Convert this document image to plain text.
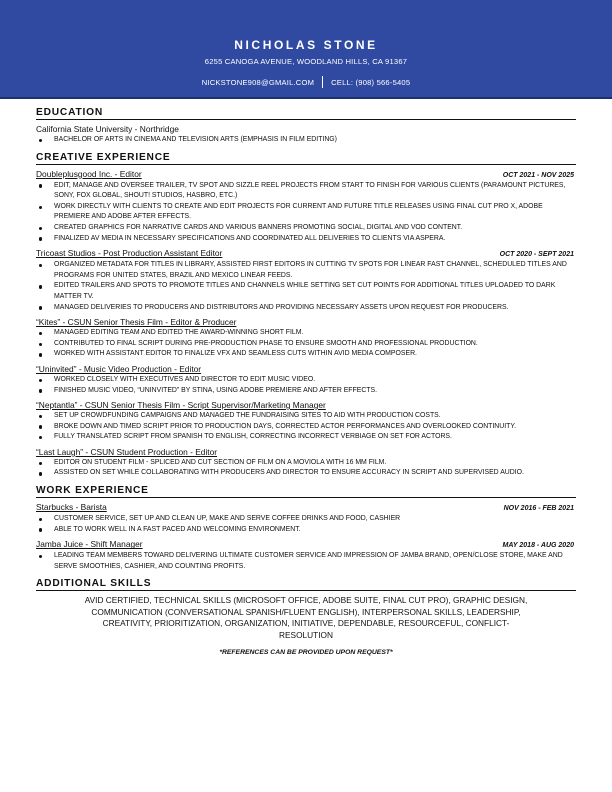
NICHOLAS STONE
6255 CANOGA AVENUE, WOODLAND HILLS, CA 91367
NICKSTONE908@GMAIL.COM CELL: (908) 566-5405
EDUCATION
California State University - Northridge
BACHELOR OF ARTS IN CINEMA AND TELEVISION ARTS (EMPHASIS IN FILM EDITING)
CREATIVE EXPERIENCE
Doubleplusgood Inc. - Editor	OCT 2021 - NOV 2025
EDIT, MANAGE AND OVERSEE TRAILER, TV SPOT AND SIZZLE REEL PROJECTS FROM START TO FINISH FOR VARIOUS CLIENTS (PARAMOUNT PICTURES, SONY, FOX GLOBAL, SHOUT! STUDIOS, HASBRO, ETC.)
WORK DIRECTLY WITH CLIENTS TO CREATE AND EDIT PROJECTS FOR CURRENT AND FUTURE TITLE RELEASES USING FINAL CUT PRO X, ADOBE PREMIERE AND ADOBE AFTER EFFECTS.
CREATED GRAPHICS FOR NARRATIVE CARDS AND VARIOUS BANNERS PROMOTING SOCIAL, DIGITAL AND VOD CONTENT.
FINALIZED AV MEDIA IN NECESSARY SPECIFICATIONS AND COORDINATED ALL DELIVERIES TO CLIENTS VIA ASPERA.
Tricoast Studios - Post Production Assistant Editor	OCT 2020 - SEPT 2021
ORGANIZED METADATA FOR TITLES IN LIBRARY, ASSISTED FIRST EDITORS IN CUTTING TV SPOTS FOR LINEAR FAST CHANNEL, SCHEDULED TITLES AND PROGRAMS FOR UNITED STATES, BRAZIL AND MEXICO LINEAR FEEDS.
EDITED TRAILERS AND SPOTS TO PROMOTE TITLES AND CHANNELS WHILE SETTING SET CUT POINTS FOR ADDITIONAL TITLES UPLOADED TO DARK MATTER TV.
MANAGED DELIVERIES TO PRODUCERS AND DISTRIBUTORS AND PROVIDING NECESSARY ASSETS UPON REQUEST FOR PRODUCERS.
“Kites” - CSUN Senior Thesis Film - Editor & Producer
MANAGED EDITING TEAM AND EDITED THE AWARD-WINNING SHORT FILM.
CONTRIBUTED TO FINAL SCRIPT DURING PRE-PRODUCTION PHASE TO ENSURE SMOOTH AND PROFESSIONAL PRODUCTION.
WORKED WITH ASSISTANT EDITOR TO FINALIZE VFX AND SEAMLESS CUTS WITHIN AVID MEDIA COMPOSER.
“Uninvited” - Music Video Production - Editor
WORKED CLOSELY WITH EXECUTIVES AND DIRECTOR TO EDIT MUSIC VIDEO.
FINISHED MUSIC VIDEO, “UNINVITED” BY STINA, USING ADOBE PREMIERE AND AFTER EFFECTS.
“Neptantla” - CSUN Senior Thesis Film - Script Supervisor/Marketing Manager
SET UP CROWDFUNDING CAMPAIGNS AND MANAGED THE FUNDRAISING SITES TO AID WITH PRODUCTION COSTS.
BROKE DOWN AND TIMED SCRIPT PRIOR TO PRODUCTION DAYS, CORRECTED ACTOR PERFORMANCES AND OVERLOOKED CONTINUITY.
FULLY TRANSLATED SCRIPT FROM SPANISH TO ENGLISH, CORRECTING INCORRECT VERBIAGE ON SET FOR ACTORS.
“Last Laugh” - CSUN Student Production - Editor
EDITOR ON STUDENT FILM - SPLICED AND CUT SECTION OF FILM ON A MOVIOLA WITH 16 MM FILM.
ASSISTED ON SET WHILE COLLABORATING WITH PRODUCERS AND DIRECTOR TO ENSURE ACCURACY IN SCRIPT AND SUPERVISED AUDIO.
WORK EXPERIENCE
Starbucks - Barista	NOV 2016 - FEB 2021
CUSTOMER SERVICE, SET UP AND CLEAN UP, MAKE AND SERVE COFFEE DRINKS AND FOOD, CASHIER
ABLE TO WORK WELL IN A FAST PACED AND WELCOMING ENVIRONMENT.
Jamba Juice - Shift Manager	MAY 2018 - AUG 2020
LEADING TEAM MEMBERS TOWARD DELIVERING ULTIMATE CUSTOMER SERVICE AND IMPRESSION OF JAMBA BRAND, OPEN/CLOSE STORE, MAKE AND SERVE SMOOTHIES, CASHIER, AND COUNTING PROFITS.
ADDITIONAL SKILLS
AVID CERTIFIED, TECHNICAL SKILLS (MICROSOFT OFFICE, ADOBE SUITE, FINAL CUT PRO), GRAPHIC DESIGN, COMMUNICATION (CONVERSATIONAL SPANISH/FLUENT ENGLISH), INTERPERSONAL SKILLS, LEADERSHIP, CREATIVITY, PRIORITIZATION, ORGANIZATION, INITIATIVE, DEPENDABLE, RESOURCEFUL, CONFLICT-RESOLUTION
*REFERENCES CAN BE PROVIDED UPON REQUEST*
